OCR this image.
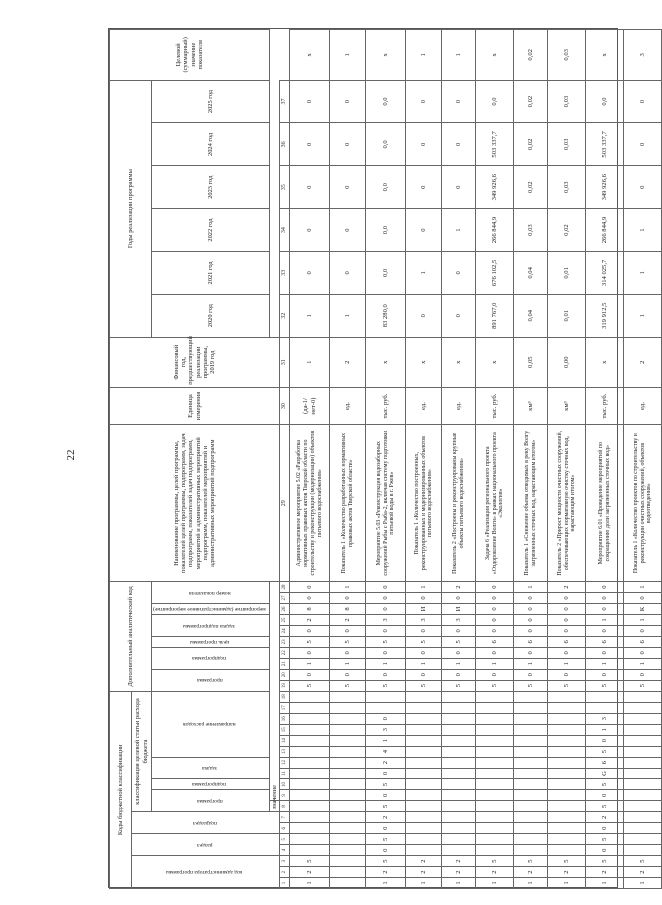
22
Коды бюджетной классификации																		Дополнительный аналитический код										Наименование программы, целей программы, показателей целей программы, подпрограмм, задач подпрограмм, показателей задач подпрограмм, мероприятий и административных мероприятий подпрограмм, показателей мероприятий и административных мероприятий подпрограмм	Единица измерения	Финансовый год, предшествующий реализации программы, 2019 год	Годы реализации программы						Целевой (суммарный) значение показателя
код администратора программы			раздел		подраздел		классификация целевой статьи расхода бюджета																														
							программа		подпрограмма	задача		направление расходов						программа		подпрограмма		цель программы	задача подпрограммы		мероприятие (административное мероприятие)	номер показателя					2020 год	2021 год	2022 год	2023 год	2024 год	2025 год	
							значение																														
1	2	3	4	5	6	7	8	9	10	11	12	13	14	15	16	17	18	19	20	21	22	23	24	25	26	27	28	29	30	31	32	33	34	35	36	37	
1	2	5																5	0	1	0	5	0	2	8	0	0	Административное мероприятие 5.02 «Разработка нормативных правовых актов Тверской области по строительству и реконструкции (модернизации) объектов питьевого водоснабжения»	(да-1/нет-0)	1	1	0	0	0	0	0	х
																		5	0	1	0	5	0	2	8	0	1	Показатель 1 «Количество разработанных нормативных правовых актов Тверской области»	ед.	2	1	0	0	0	0	0	1
1	2	5	0	5	0	2	5	0	5	0	2	4	1	3	0			5	0	1	0	5	0	3	0	0	0	Мероприятие 5.03 «Реконструкция водозаборных сооружений Рыбы с Рыба-2, включая систему подготовки питьевой воды в г. Ржев»	тыс. руб.	х	83 280,0	0,0	0,0	0,0	0,0	0,0	х
1	2	2																5	0	1	0	5	0	3	И	0	1	Показатель 1 «Количество построенных, реконструированных и модернизированных объектов питьевого водоснабжения»	ед.	х	0	1	0	0	0	0	1
1	2	2																5	0	1	0	5	0	3	И	0	2	Показатель 2 «Построены и реконструированы крупные объекты питьевого водоснабжения»	ед.	х	0	0	1	0	0	0	1
1	2	5																5	0	1	0	6	0	0	0	0	0	Задача 6 «Реализация регионального проекта «Оздоровление Волги» в рамках национального проекта «Экология»	тыс. руб.	х	891 767,0	676 102,5	266 844,9	349 926,6	503 337,7	0,0	х
1	2	5																5	0	1	0	6	0	0	0	0	1	Показатель 1 «Снижение объема отводимых в реку Волгу загрязненных сточных вод, нарастающим итогом»	км³	0,05	0,04	0,04	0,03	0,02	0,02	0,02	0,02
1	2	5																5	0	1	0	6	0	0	0	0	2	Показатель 2 «Прирост мощности очистных сооружений, обеспечивающих нормативную очистку сточных вод, нарастающим итогом»	км³	0,00	0,01	0,01	0,02	0,03	0,03	0,03	0,03
1	2	5	0	5	0	2	5	0	5	G	6	5	0	1	3			5	0	1	0	6	0	1	0	0	0	Мероприятие 6.01 «Проведение мероприятий по сокращению доли загрязненных сточных вод»	тыс. руб.	х	319 912,5	314 025,7	266 844,9	349 926,6	503 337,7	0,0	х
1	2	5																5	0	1	0	6	0	1	К	0	1	Показатель 1 «Количество проектов по строительству и реконструкции очистных сооружений, объектов водоотведения»	ед.	2	1	1	1	0	0	0	3
